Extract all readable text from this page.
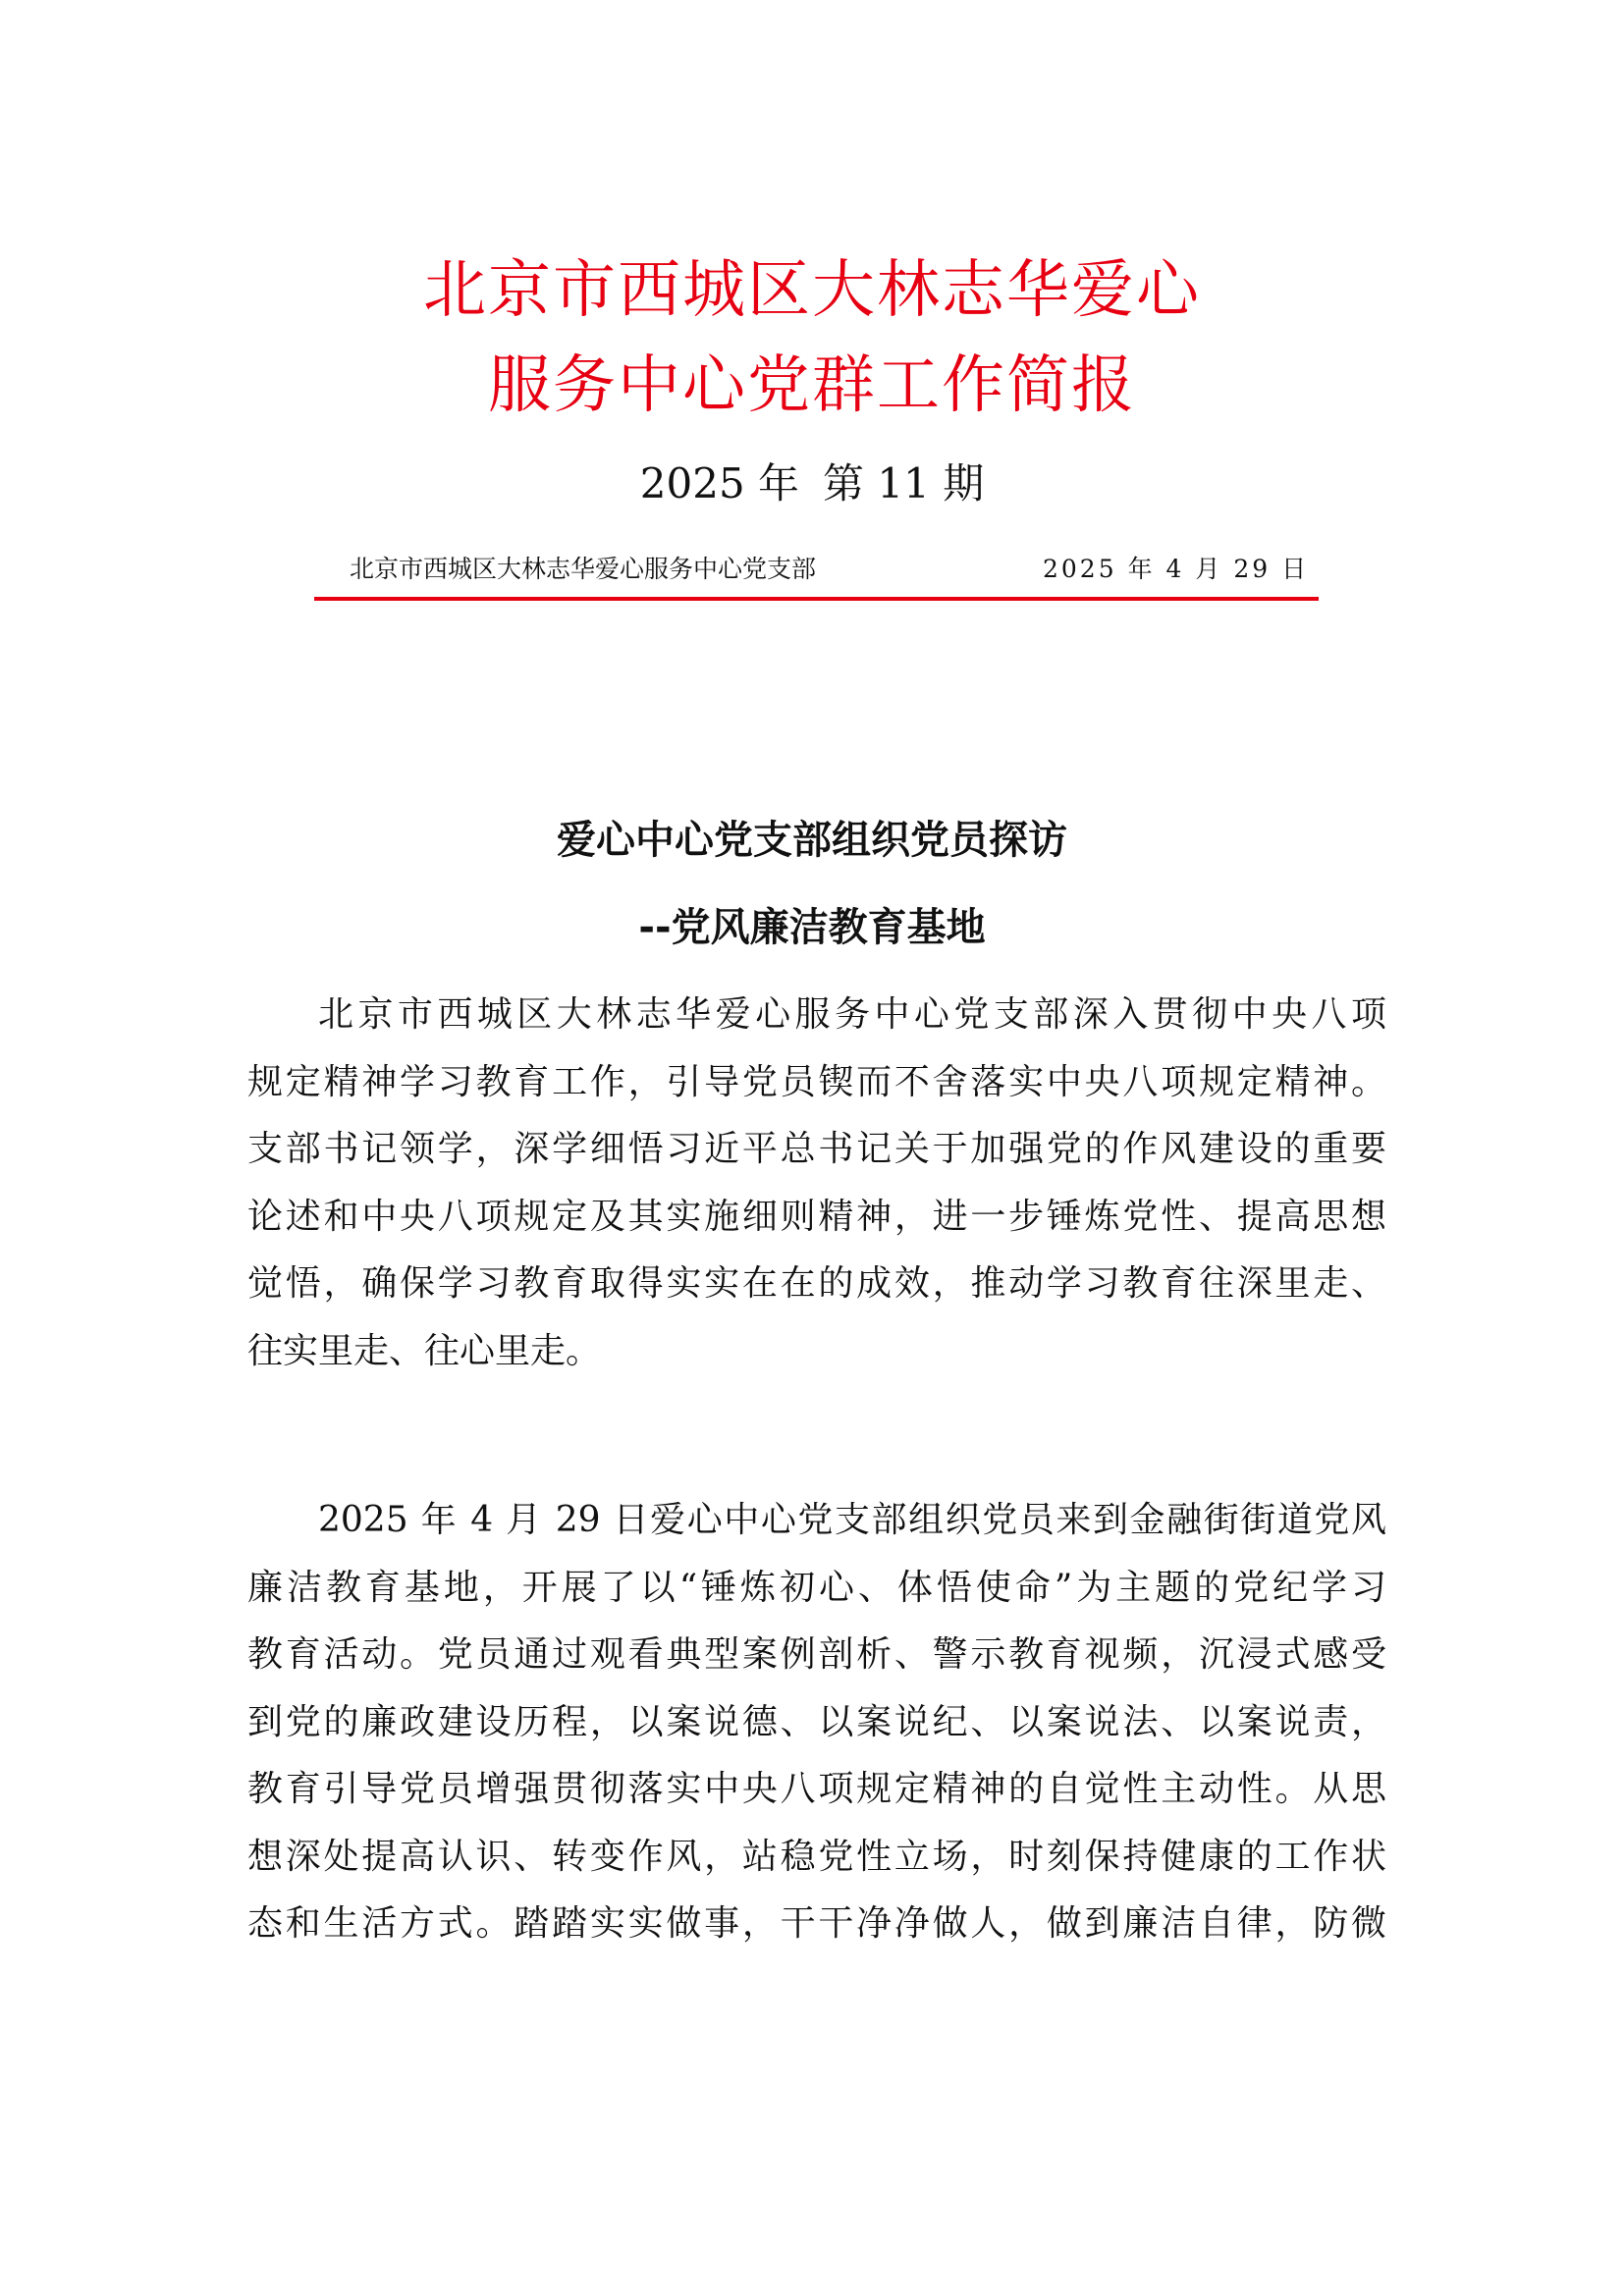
北京市西城区大林志华爱心
服务中心党群工作简报
2025 年 第 11 期
北京市西城区大林志华爱心服务中心党支部	2025 年 4 月 29 日
爱心中心党支部组织党员探访
--党风廉洁教育基地
北京市西城区大林志华爱心服务中心党支部深入贯彻中央八项
规定精神学习教育工作，引导党员锲而不舍落实中央八项规定精神。
支部书记领学，深学细悟习近平总书记关于加强党的作风建设的重要
论述和中央八项规定及其实施细则精神，进一步锤炼党性、提高思想
觉悟，确保学习教育取得实实在在的成效，推动学习教育往深里走、
往实里走、往心里走。
2025 年 4 月 29 日爱心中心党支部组织党员来到金融街街道党风
廉洁教育基地，开展了以“锤炼初心、体悟使命”为主题的党纪学习
教育活动。党员通过观看典型案例剖析、警示教育视频，沉浸式感受
到党的廉政建设历程，以案说德、以案说纪、以案说法、以案说责，
教育引导党员增强贯彻落实中央八项规定精神的自觉性主动性。从思
想深处提高认识、转变作风，站稳党性立场，时刻保持健康的工作状
态和生活方式。踏踏实实做事，干干净净做人，做到廉洁自律，防微
